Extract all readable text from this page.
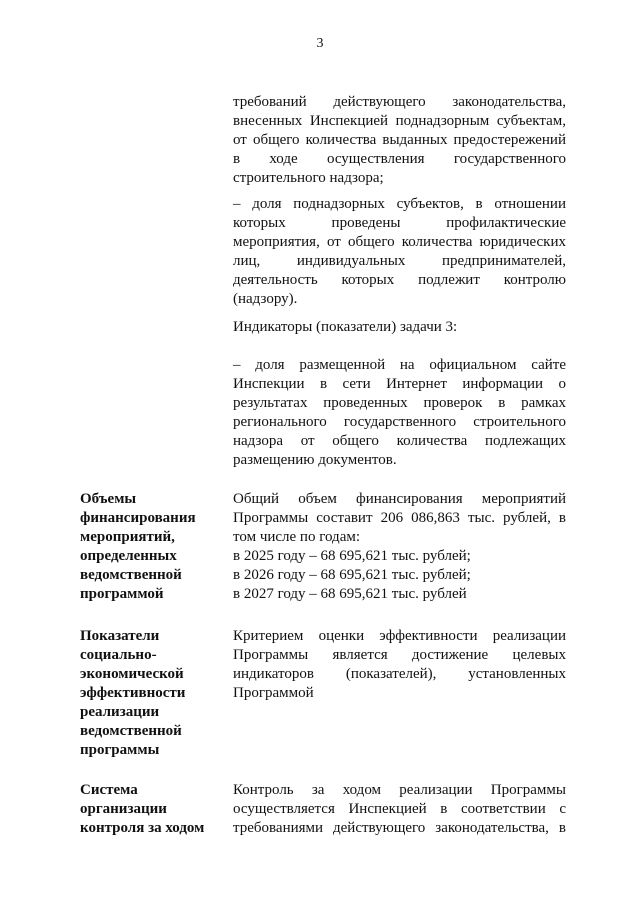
3
требований действующего законодательства,
внесенных Инспекцией поднадзорным субъектам,
от общего количества выданных предостережений
в ходе осуществления государственного
строительного надзора;
– доля поднадзорных субъектов, в отношении
которых проведены профилактические
мероприятия, от общего количества юридических
лиц, индивидуальных предпринимателей,
деятельность которых подлежит контролю
(надзору).
Индикаторы (показатели) задачи 3:
– доля размещенной на официальном сайте
Инспекции в сети Интернет информации о
результатах проведенных проверок в рамках
регионального государственного строительного
надзора от общего количества подлежащих
размещению документов.
Объемы
финансирования
мероприятий,
определенных
ведомственной
программой
Общий объем финансирования мероприятий
Программы составит 206 086,863 тыс. рублей, в
том числе по годам:
в 2025 году – 68 695,621 тыс. рублей;
в 2026 году – 68 695,621 тыс. рублей;
в 2027 году – 68 695,621 тыс. рублей
Показатели
социально-
экономической
эффективности
реализации
ведомственной
программы
Критерием оценки эффективности реализации
Программы является достижение целевых
индикаторов (показателей), установленных
Программой
Система
организации
контроля за ходом
Контроль за ходом реализации Программы
осуществляется Инспекцией в соответствии с
требованиями действующего законодательства, в
